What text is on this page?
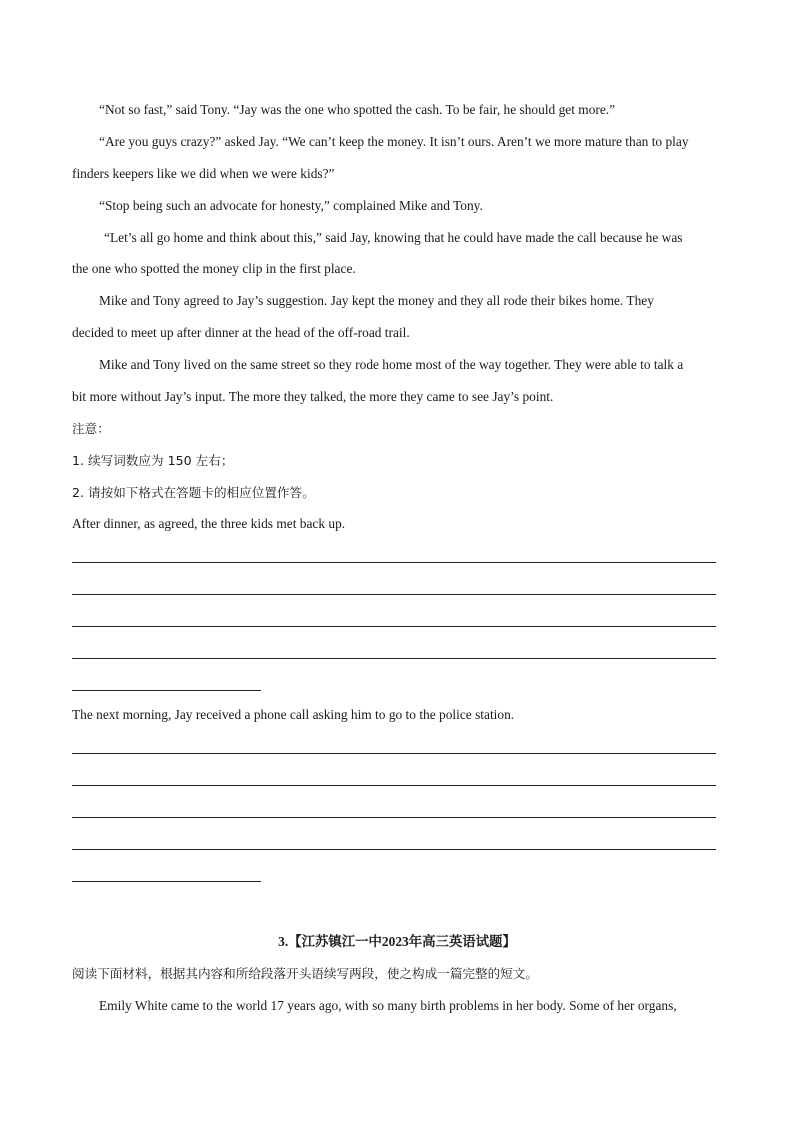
“Not so fast,” said Tony. “Jay was the one who spotted the cash. To be fair, he should get more.”
“Are you guys crazy?” asked Jay. “We can’t keep the money. It isn’t ours. Aren’t we more mature than to play
finders keepers like we did when we were kids?”
“Stop being such an advocate for honesty,” complained Mike and Tony.
“Let’s all go home and think about this,” said Jay, knowing that he could have made the call because he was
the one who spotted the money clip in the first place.
Mike and Tony agreed to Jay’s suggestion. Jay kept the money and they all rode their bikes home. They
decided to meet up after dinner at the head of the off-road trail.
Mike and Tony lived on the same street so they rode home most of the way together. They were able to talk a
bit more without Jay’s input. The more they talked, the more they came to see Jay’s point.
注意：
1. 续写词数应为 150 左右；
2. 请按如下格式在答题卡的相应位置作答。
After dinner, as agreed, the three kids met back up.
The next morning, Jay received a phone call asking him to go to the police station.
3.【江苏镇江一中2023年高三英语试题】
阅读下面材料，根据其内容和所给段落开头语续写两段，使之构成一篇完整的短文。
Emily White came to the world 17 years ago, with so many birth problems in her body. Some of her organs,
